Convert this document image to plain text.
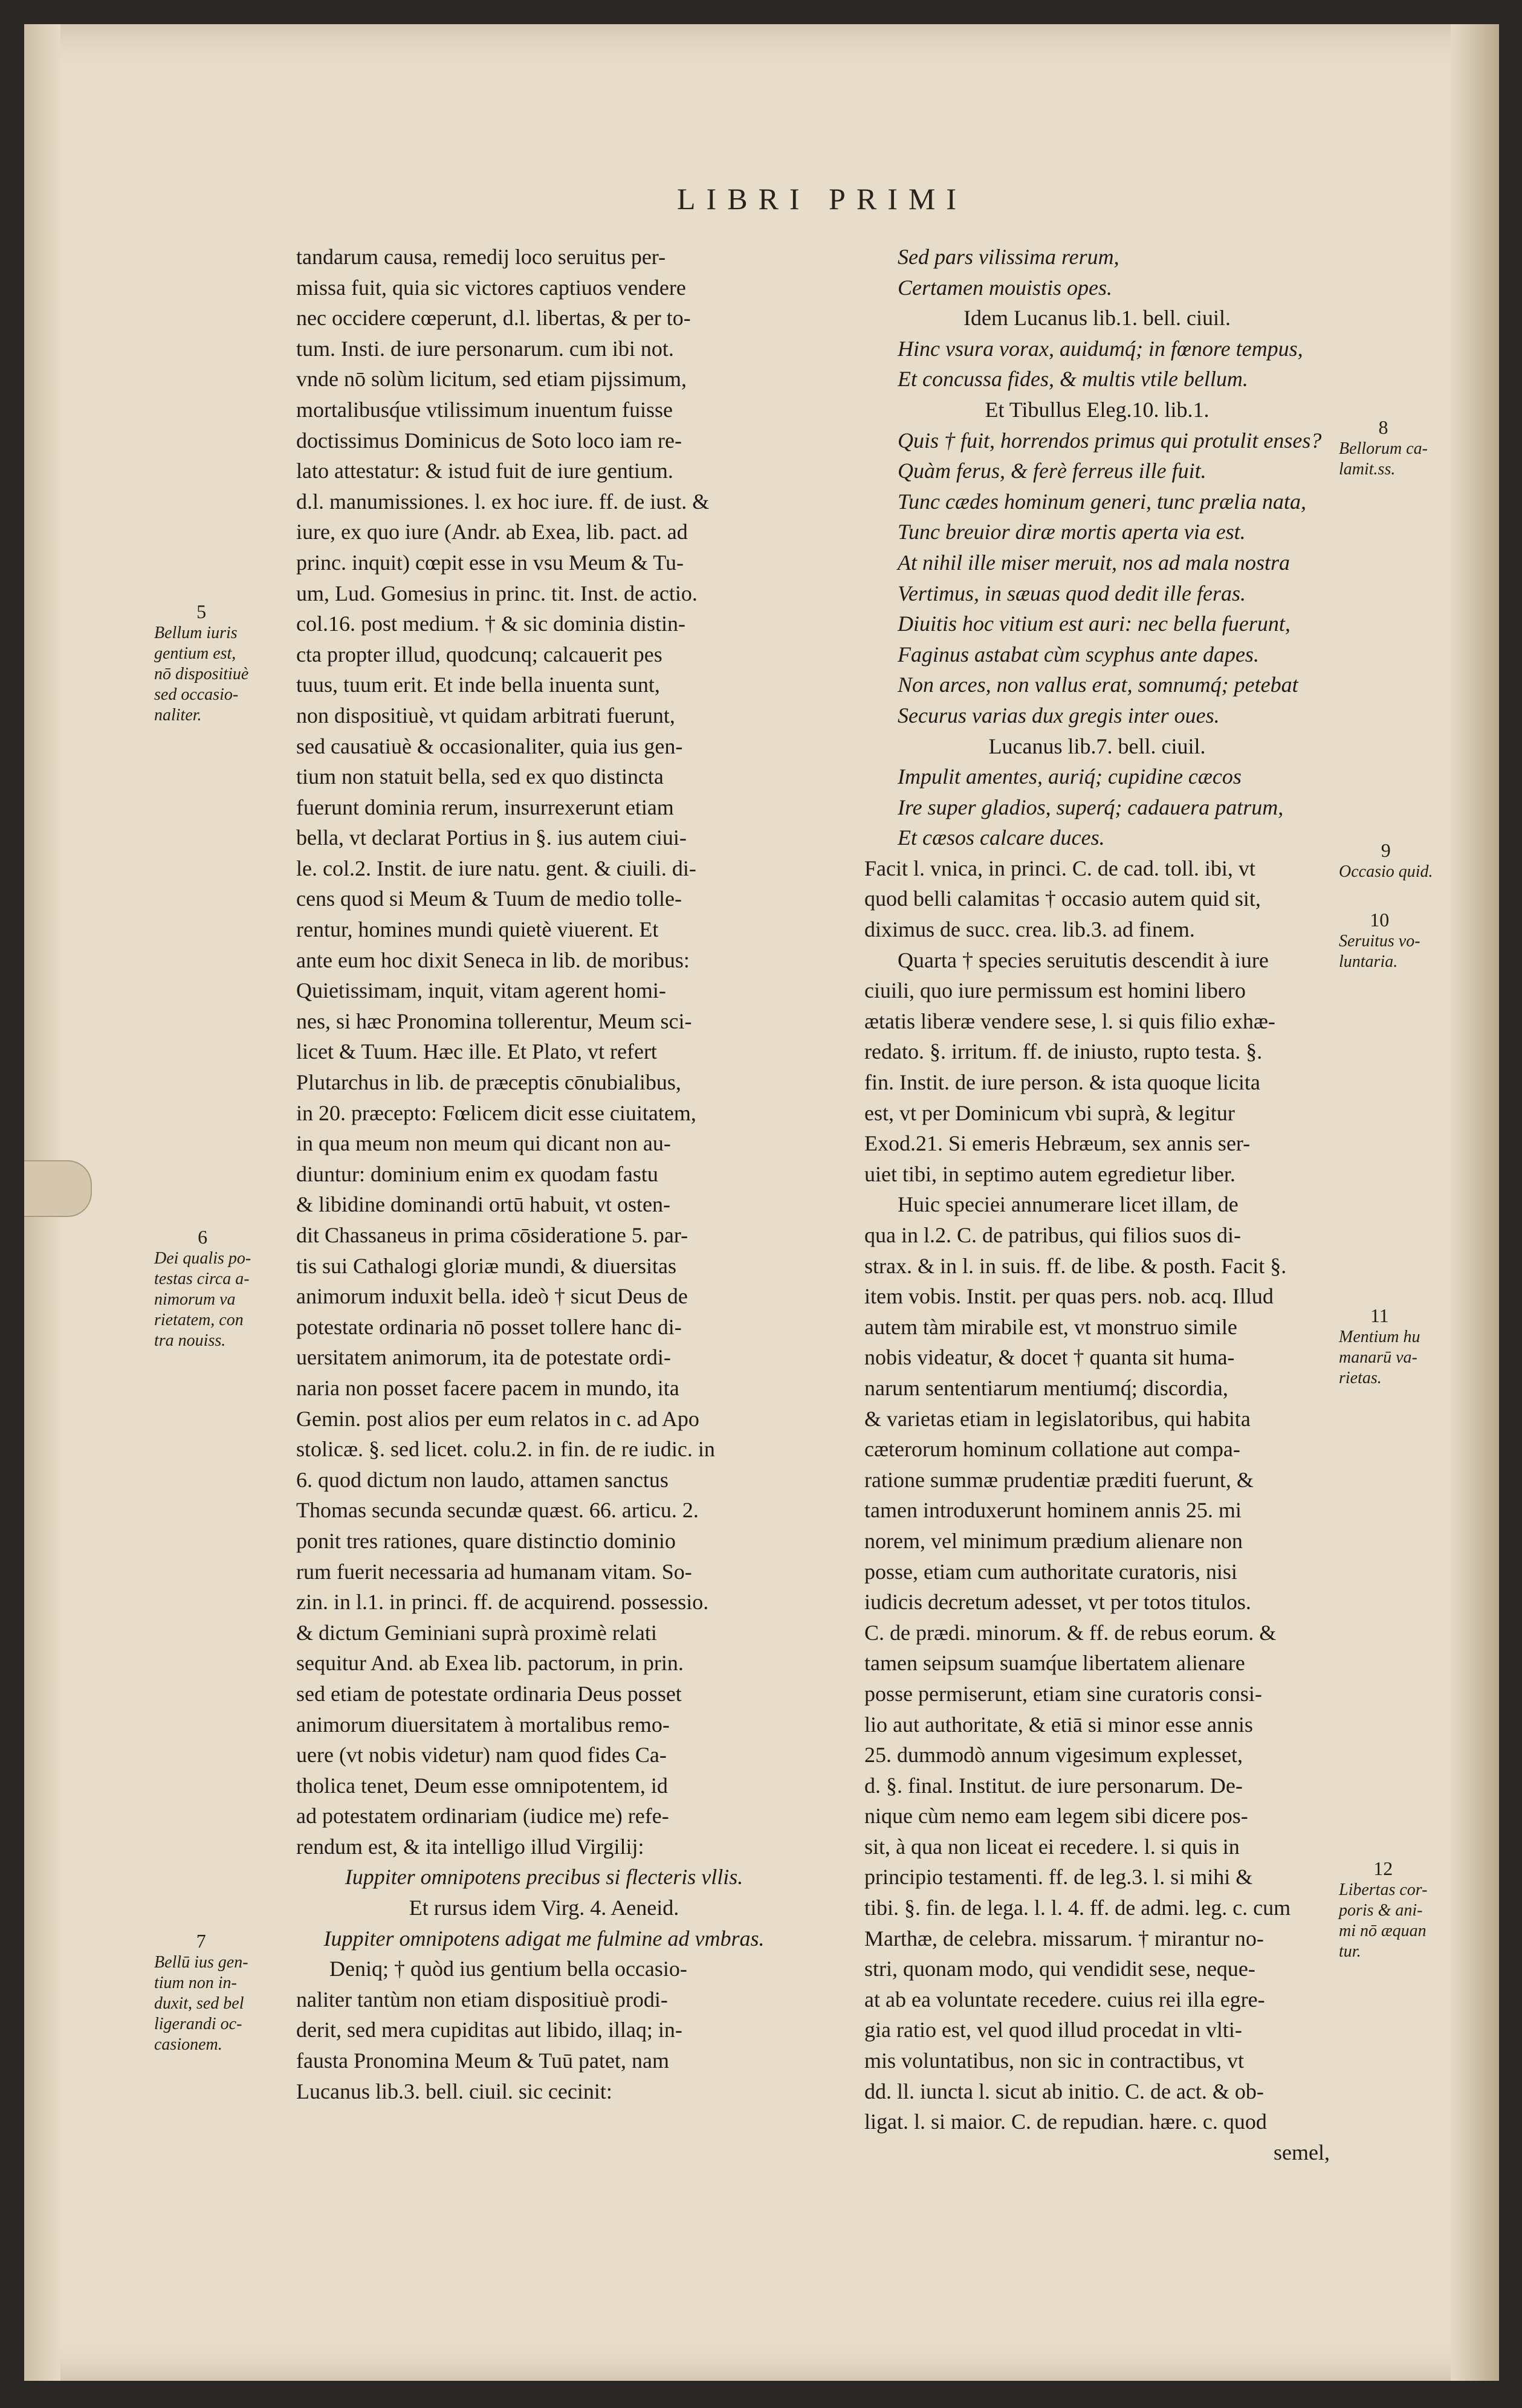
LIBRI PRIMI
tandarum causa, remedij loco seruitus per-
missa fuit, quia sic victores captiuos vendere
nec occidere cœperunt, d.l. libertas, & per to-
tum. Insti. de iure personarum. cum ibi not.
vnde nō solùm licitum, sed etiam pijssimum,
mortalibusq́ue vtilissimum inuentum fuisse
doctissimus Dominicus de Soto loco iam re-
lato attestatur: & istud fuit de iure gentium.
d.l. manumissiones. l. ex hoc iure. ff. de iust. &
iure, ex quo iure (Andr. ab Exea, lib. pact. ad
princ. inquit) cœpit esse in vsu Meum & Tu-
um, Lud. Gomesius in princ. tit. Inst. de actio.
col.16. post medium. † & sic dominia distin-
cta propter illud, quodcunq; calcauerit pes
tuus, tuum erit. Et inde bella inuenta sunt,
non dispositiuè, vt quidam arbitrati fuerunt,
sed causatiuè & occasionaliter, quia ius gen-
tium non statuit bella, sed ex quo distincta
fuerunt dominia rerum, insurrexerunt etiam
bella, vt declarat Portius in §. ius autem ciui-
le. col.2. Instit. de iure natu. gent. & ciuili. di-
cens quod si Meum & Tuum de medio tolle-
rentur, homines mundi quietè viuerent. Et
ante eum hoc dixit Seneca in lib. de moribus:
Quietissimam, inquit, vitam agerent homi-
nes, si hæc Pronomina tollerentur, Meum sci-
licet & Tuum. Hæc ille. Et Plato, vt refert
Plutarchus in lib. de præceptis cōnubialibus,
in 20. præcepto: Fœlicem dicit esse ciuitatem,
in qua meum non meum qui dicant non au-
diuntur: dominium enim ex quodam fastu
& libidine dominandi ortū habuit, vt osten-
dit Chassaneus in prima cōsideratione 5. par-
tis sui Cathalogi gloriæ mundi, & diuersitas
animorum induxit bella. ideò † sicut Deus de
potestate ordinaria nō posset tollere hanc di-
uersitatem animorum, ita de potestate ordi-
naria non posset facere pacem in mundo, ita
Gemin. post alios per eum relatos in c. ad Apo
stolicæ. §. sed licet. colu.2. in fin. de re iudic. in
6. quod dictum non laudo, attamen sanctus
Thomas secunda secundæ quæst. 66. articu. 2.
ponit tres rationes, quare distinctio dominio
rum fuerit necessaria ad humanam vitam. So-
zin. in l.1. in princi. ff. de acquirend. possessio.
& dictum Geminiani suprà proximè relati
sequitur And. ab Exea lib. pactorum, in prin.
sed etiam de potestate ordinaria Deus posset
animorum diuersitatem à mortalibus remo-
uere (vt nobis videtur) nam quod fides Ca-
tholica tenet, Deum esse omnipotentem, id
ad potestatem ordinariam (iudice me) refe-
rendum est, & ita intelligo illud Virgilij:
Iuppiter omnipotens precibus si flecteris vllis.
Et rursus idem Virg. 4. Aeneid.
Iuppiter omnipotens adigat me fulmine ad vmbras.
Deniq; † quòd ius gentium bella occasio-
naliter tantùm non etiam dispositiuè prodi-
derit, sed mera cupiditas aut libido, illaq; in-
fausta Pronomina Meum & Tuū patet, nam
Lucanus lib.3. bell. ciuil. sic cecinit:
Sed pars vilissima rerum,
Certamen mouistis opes.
Idem Lucanus lib.1. bell. ciuil.
Hinc vsura vorax, auidumq́; in fœnore tempus,
Et concussa fides, & multis vtile bellum.
Et Tibullus Eleg.10. lib.1.
Quis † fuit, horrendos primus qui protulit enses?
Quàm ferus, & ferè ferreus ille fuit.
Tunc cædes hominum generi, tunc prælia nata,
Tunc breuior diræ mortis aperta via est.
At nihil ille miser meruit, nos ad mala nostra
Vertimus, in sæuas quod dedit ille feras.
Diuitis hoc vitium est auri: nec bella fuerunt,
Faginus astabat cùm scyphus ante dapes.
Non arces, non vallus erat, somnumq́; petebat
Securus varias dux gregis inter oues.
Lucanus lib.7. bell. ciuil.
Impulit amentes, auriq́; cupidine cæcos
Ire super gladios, superq́; cadauera patrum,
Et cæsos calcare duces.
Facit l. vnica, in princi. C. de cad. toll. ibi, vt
quod belli calamitas † occasio autem quid sit,
diximus de succ. crea. lib.3. ad finem.
Quarta † species seruitutis descendit à iure
ciuili, quo iure permissum est homini libero
ætatis liberæ vendere sese, l. si quis filio exhæ-
redato. §. irritum. ff. de iniusto, rupto testa. §.
fin. Instit. de iure person. & ista quoque licita
est, vt per Dominicum vbi suprà, & legitur
Exod.21. Si emeris Hebræum, sex annis ser-
uiet tibi, in septimo autem egredietur liber.
Huic speciei annumerare licet illam, de
qua in l.2. C. de patribus, qui filios suos di-
strax. & in l. in suis. ff. de libe. & posth. Facit §.
item vobis. Instit. per quas pers. nob. acq. Illud
autem tàm mirabile est, vt monstruo simile
nobis videatur, & docet † quanta sit huma-
narum sententiarum mentiumq́; discordia,
& varietas etiam in legislatoribus, qui habita
cæterorum hominum collatione aut compa-
ratione summæ prudentiæ præditi fuerunt, &
tamen introduxerunt hominem annis 25. mi
norem, vel minimum prædium alienare non
posse, etiam cum authoritate curatoris, nisi
iudicis decretum adesset, vt per totos titulos.
C. de prædi. minorum. & ff. de rebus eorum. &
tamen seipsum suamq́ue libertatem alienare
posse permiserunt, etiam sine curatoris consi-
lio aut authoritate, & etiā si minor esse annis
25. dummodò annum vigesimum explesset,
d. §. final. Institut. de iure personarum. De-
nique cùm nemo eam legem sibi dicere pos-
sit, à qua non liceat ei recedere. l. si quis in
principio testamenti. ff. de leg.3. l. si mihi &
tibi. §. fin. de lega. l. l. 4. ff. de admi. leg. c. cum
Marthæ, de celebra. missarum. † mirantur no-
stri, quonam modo, qui vendidit sese, neque-
at ab ea voluntate recedere. cuius rei illa egre-
gia ratio est, vel quod illud procedat in vlti-
mis voluntatibus, non sic in contractibus, vt
dd. ll. iuncta l. sicut ab initio. C. de act. & ob-
ligat. l. si maior. C. de repudian. hære. c. quod
semel,
5
Bellum iuris
gentium est,
nō dispositiuè
sed occasio-
naliter.
6
Dei qualis po-
testas circa a-
nimorum va
rietatem, con
tra nouiss.
7
Bellū ius gen-
tium non in-
duxit, sed bel
ligerandi oc-
casionem.
8
Bellorum ca-
lamit.ss.
9
Occasio quid.
10
Seruitus vo-
luntaria.
11
Mentium hu
manarū va-
rietas.
12
Libertas cor-
poris & ani-
mi nō æquan
tur.
